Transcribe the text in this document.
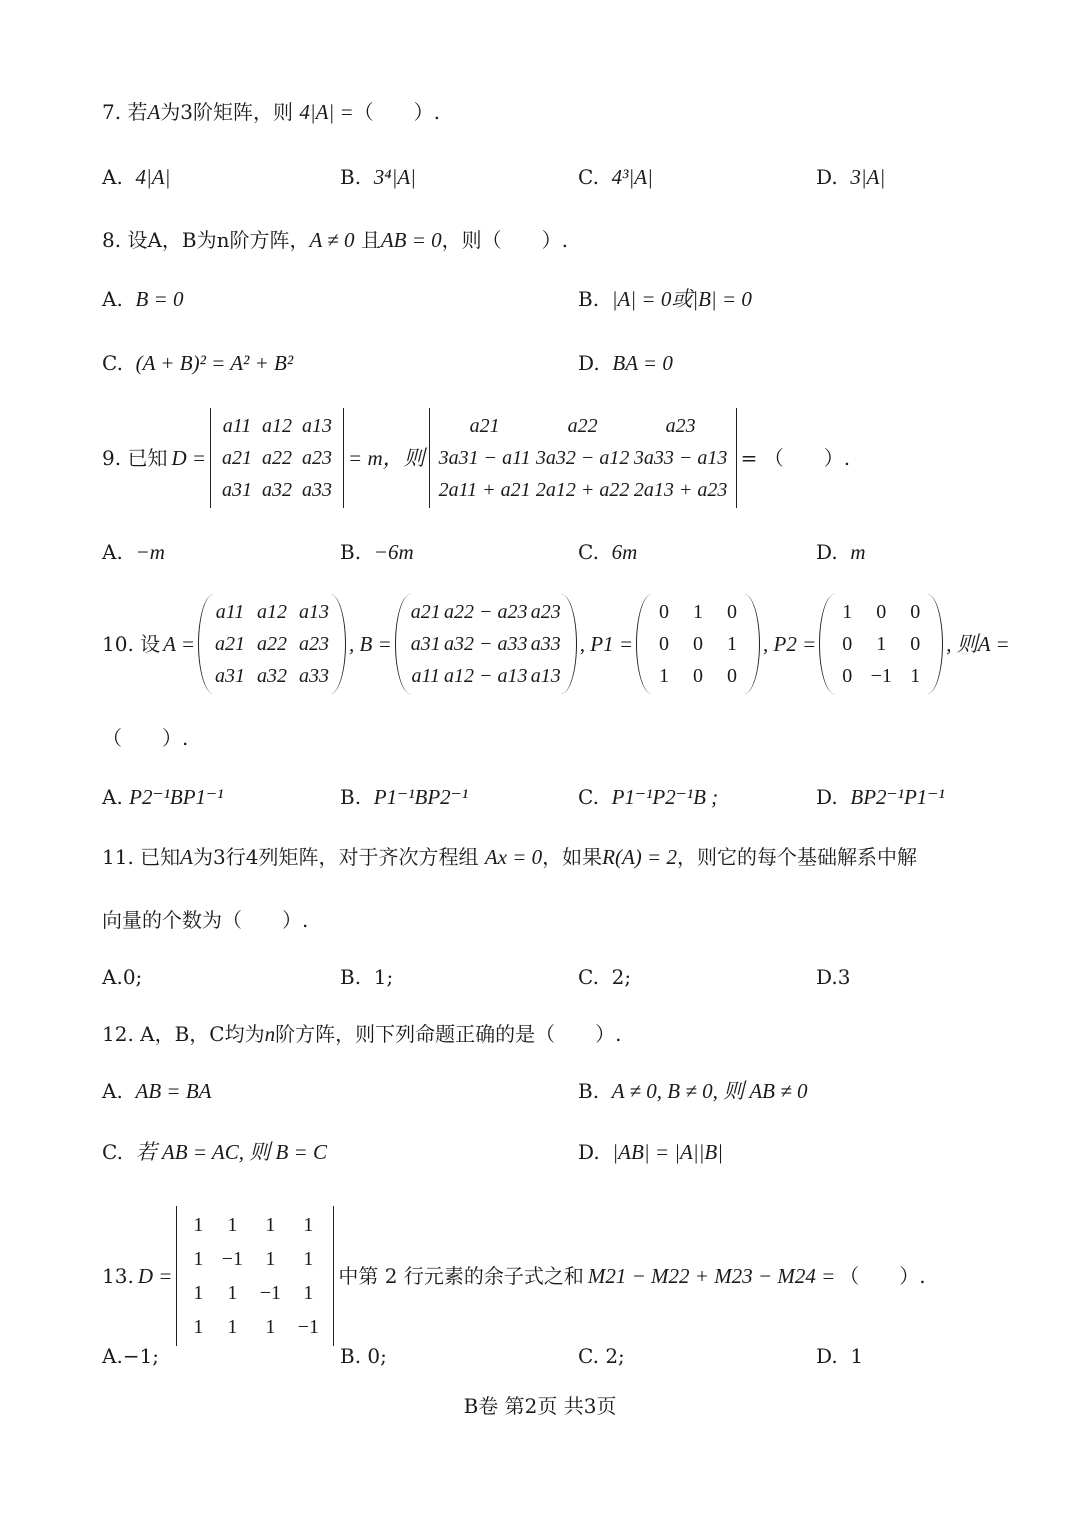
7. 若A为3阶矩阵，则 4|A| =（　　）.
A. 4|A|	B. 3⁴|A|	C. 4³|A|	D. 3|A|
8. 设A，B为n阶方阵，A ≠ 0 且AB = 0，则（　　）.
A. B = 0	B. |A| = 0或|B| = 0
C. (A + B)² = A² + B²	D. BA = 0
9. 已知 D =
a11 a12 a13
a21 a22 a23
a31 a32 a33
= m，则
a21	a22	a23
3a31 − a11 3a32 − a12 3a33 − a13
2a11 + a21 2a12 + a22 2a13 + a23
= （　　）.
A. −m	B. −6m	C. 6m	D. m
10. 设 A =
a11 a12 a13
a21 a22 a23
a31 a32 a33
, B =
a21 a22 − a23 a23
a31 a32 − a33 a33
a11 a12 − a13 a13
, P1 =
0 1 0
0 0 1
1 0 0
, P2 =
1 0 0
0 1 0
0 −1 1
, 则A =
（　　）.
A. P2⁻¹BP1⁻¹	B. P1⁻¹BP2⁻¹	C. P1⁻¹P2⁻¹B ;	D. BP2⁻¹P1⁻¹
11. 已知A为3行4列矩阵，对于齐次方程组 Ax = 0，如果R(A) = 2，则它的每个基础解系中解
向量的个数为（　　）.
A.0;	B. 1;	C. 2;	D.3
12. A，B，C均为n阶方阵，则下列命题正确的是（　　）.
A. AB = BA	B. A ≠ 0, B ≠ 0, 则 AB ≠ 0
C. 若 AB = AC, 则 B = C	D. |AB| = |A||B|
13. D =
1 1 1 1
1 −1 1 1
1 1 −1 1
1 1 1 −1
中第 2 行元素的余子式之和 M21 − M22 + M23 − M24 = （　　）.
A.−1;	B. 0;	C. 2;	D. 1
B卷 第2页 共3页
